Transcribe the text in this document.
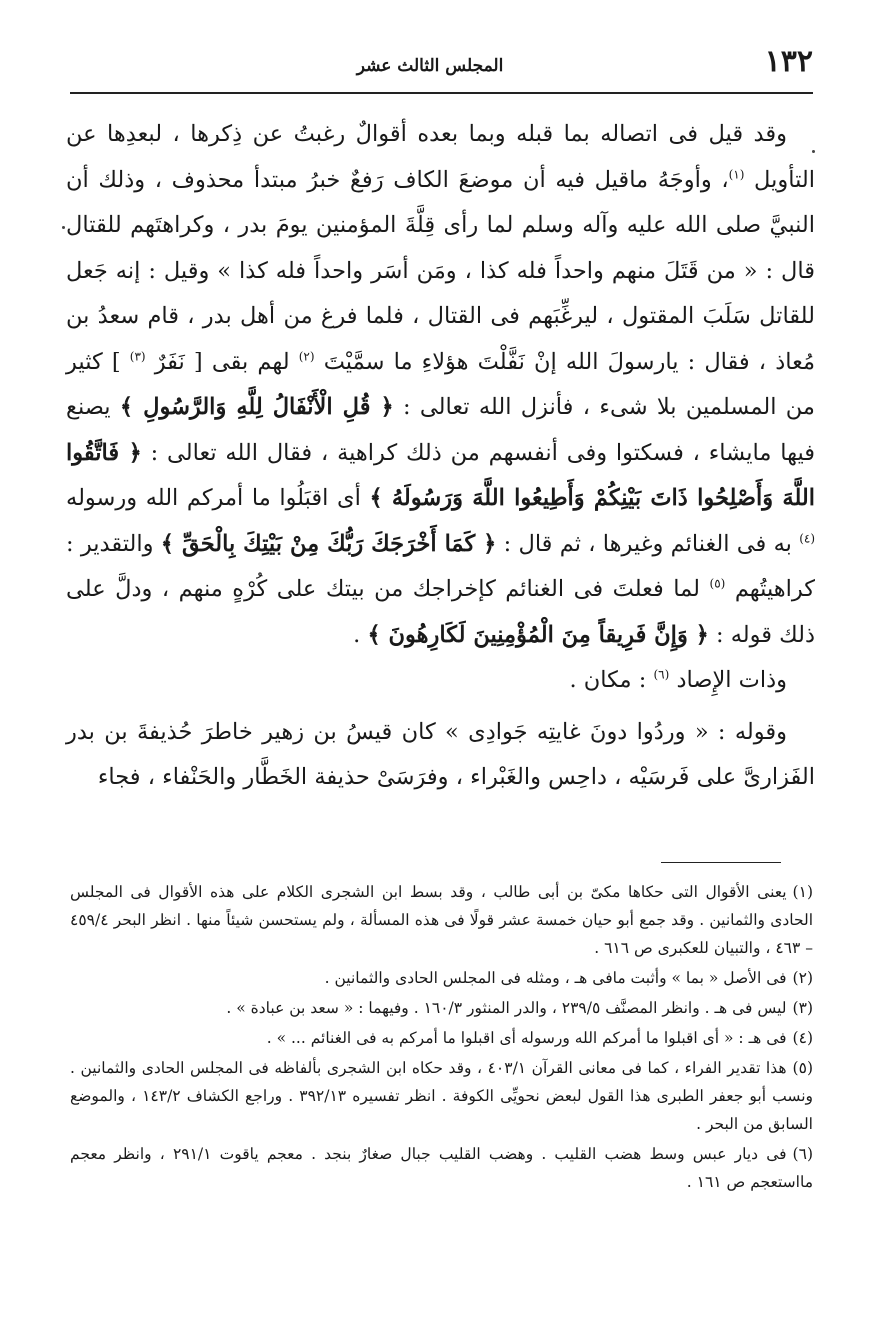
١٣٢
المجلس الثالث عشر

وقد قيل فى اتصاله بما قبله وبما بعده أقوالٌ رغبتُ عن ذِكرها ، لبعدِها عن التأويل $^{(١)}$، وأوجَهُ ماقيل فيه أن موضعَ الكاف رَفعٌ خبرُ مبتدأ محذوف ، وذلك أن النبيَّ صلى الله عليه وآله وسلم لما رأى قِلَّةَ المؤمنين يومَ بدر ، وكراهتَهم للقتال قال : « من قَتَلَ منهم واحداً فله كذا ، ومَن أسَر واحداً فله كذا » وقيل : إنه جَعل للقاتل سَلَبَ المقتول ، ليرغِّبَهم فى القتال ، فلما فرغ من أهل بدر ، قام سعدُ بن مُعاذ ، فقال : يارسولَ الله إنْ نَفَّلْتَ هؤلاءِ ما سمَّيْتَ $^{(٢)}$ لهم بقى [ نَفَرٌ $^{(٣)}$ ] كثير من المسلمين بلا شىء ، فأنزل الله تعالى : ﴿ قُلِ الْأَنْفَالُ لِلَّهِ وَالرَّسُولِ ﴾ يصنع فيها مايشاء ، فسكتوا وفى أنفسهم من ذلك كراهية ، فقال الله تعالى : ﴿ فَاتَّقُوا اللَّهَ وَأَصْلِحُوا ذَاتَ بَيْنِكُمْ وَأَطِيعُوا اللَّهَ وَرَسُولَهُ ﴾ أى اقبَلُوا ما أمركم الله ورسوله $^{(٤)}$ به فى الغنائم وغيرها ، ثم قال : ﴿ كَمَا أَخْرَجَكَ رَبُّكَ مِنْ بَيْتِكَ بِالْحَقِّ ﴾ والتقدير : كراهيتُهم $^{(٥)}$ لما فعلتَ فى الغنائم كإخراجك من بيتك على كُرْهٍ منهم ، ودلَّ على ذلك قوله : ﴿ وَإِنَّ فَرِيقاً مِنَ الْمُؤْمِنِينَ لَكَارِهُونَ ﴾ .

وذات الإِصاد $^{(٦)}$ : مكان .

وقوله : « وردُوا دونَ غايتِه جَوادِى » كان قيسُ بن زهير خاطرَ حُذيفةَ بن بدر الفَزارىَّ على فَرسَيْه ، داحِس والغَبْراء ، وفرَسَىْ حذيفة الخَطَّار والحَنْفاء ، فجاء

(١)يعنى الأقوال التى حكاها مكىّ بن أبى طالب ، وقد بسط ابن الشجرى الكلام على هذه الأقوال فى المجلس الحادى والثمانين . وقد جمع أبو حيان خمسة عشر قولًا فى هذه المسألة ، ولم يستحسن شيئاً منها . انظر البحر ٤٥٩/٤ – ٤٦٣ ، والتبيان للعكبرى ص ٦١٦ .

(٢)فى الأصل « بما » وأثبت مافى هـ ، ومثله فى المجلس الحادى والثمانين .

(٣)ليس فى هـ . وانظر المصنَّف ٢٣٩/٥ ، والدر المنثور ١٦٠/٣ . وفيهما : « سعد بن عبادة » .

(٤)فى هـ : « أى اقبلوا ما أمركم الله ورسوله أى اقبلوا ما أمركم به فى الغنائم ... » .

(٥)هذا تقدير الفراء ، كما فى معانى القرآن ٤٠٣/١ ، وقد حكاه ابن الشجرى بألفاظه فى المجلس الحادى والثمانين . ونسب أبو جعفر الطبرى هذا القول لبعض نحويِّى الكوفة . انظر تفسيره ٣٩٢/١٣ . وراجع الكشاف ١٤٣/٢ ، والموضع السابق من البحر .

(٦)فى ديار عبس وسط هضب القليب . وهضب القليب جبال صغارٌ بنجد . معجم ياقوت ٢٩١/١ ، وانظر معجم مااستعجم ص ١٦١ .
